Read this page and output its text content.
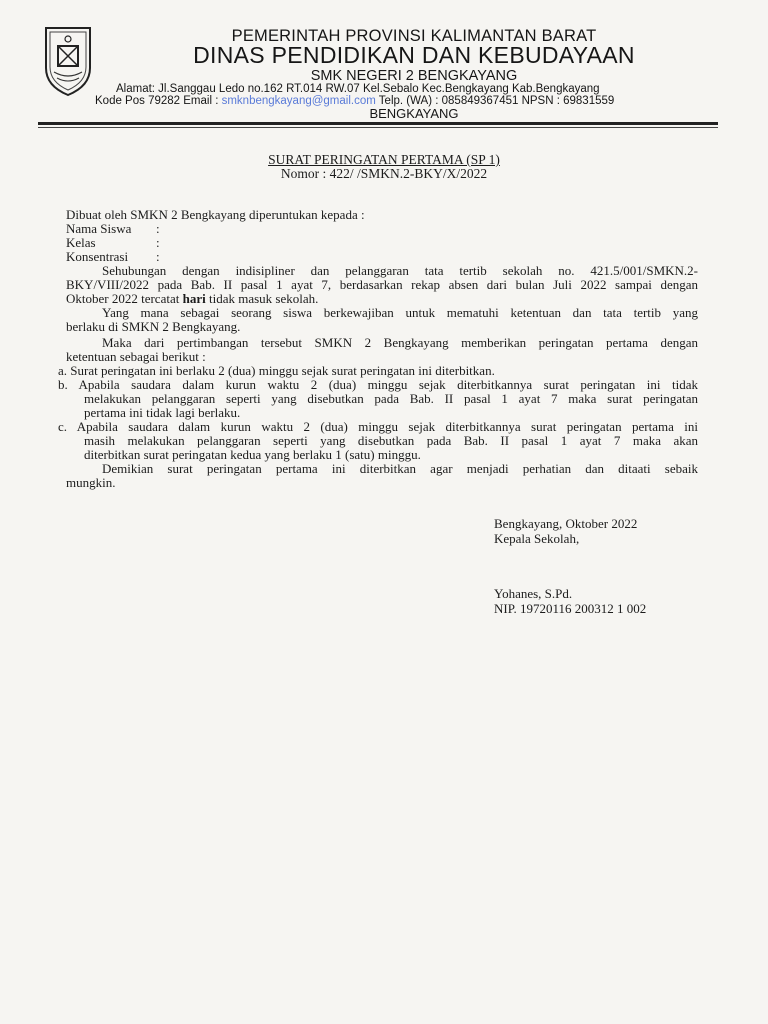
PEMERINTAH PROVINSI KALIMANTAN BARAT
DINAS PENDIDIKAN DAN KEBUDAYAAN
SMK NEGERI 2 BENGKAYANG
Alamat: Jl.Sanggau Ledo no.162 RT.014 RW.07 Kel.Sebalo Kec.Bengkayang Kab.Bengkayang
Kode Pos 79282 Email : smknbengkayang@gmail.com Telp. (WA) : 085849367451 NPSN : 69831559
BENGKAYANG
SURAT PERINGATAN PERTAMA (SP 1)
Nomor : 422/ /SMKN.2-BKY/X/2022
Dibuat oleh SMKN 2 Bengkayang diperuntukan kepada :
Nama Siswa :
Kelas	:
Konsentrasi :
Sehubungan dengan indisipliner dan pelanggaran tata tertib sekolah no. 421.5/001/SMKN.2-
BKY/VIII/2022 pada Bab. II pasal 1 ayat 7, berdasarkan rekap absen dari bulan Juli 2022 sampai dengan
Oktober 2022 tercatat hari tidak masuk sekolah.
Yang mana sebagai seorang siswa berkewajiban untuk mematuhi ketentuan dan tata tertib yang
berlaku di SMKN 2 Bengkayang.
Maka dari pertimbangan tersebut SMKN 2 Bengkayang memberikan peringatan pertama dengan
ketentuan sebagai berikut :
a. Surat peringatan ini berlaku 2 (dua) minggu sejak surat peringatan ini diterbitkan.
b. Apabila saudara dalam kurun waktu 2 (dua) minggu sejak diterbitkannya surat peringatan ini tidak
melakukan pelanggaran seperti yang disebutkan pada Bab. II pasal 1 ayat 7 maka surat peringatan
pertama ini tidak lagi berlaku.
c. Apabila saudara dalam kurun waktu 2 (dua) minggu sejak diterbitkannya surat peringatan pertama ini
masih melakukan pelanggaran seperti yang disebutkan pada Bab. II pasal 1 ayat 7 maka akan
diterbitkan surat peringatan kedua yang berlaku 1 (satu) minggu.
Demikian surat peringatan pertama ini diterbitkan agar menjadi perhatian dan ditaati sebaik
mungkin.
Bengkayang, Oktober 2022
Kepala Sekolah,
Yohanes, S.Pd.
NIP. 19720116 200312 1 002
